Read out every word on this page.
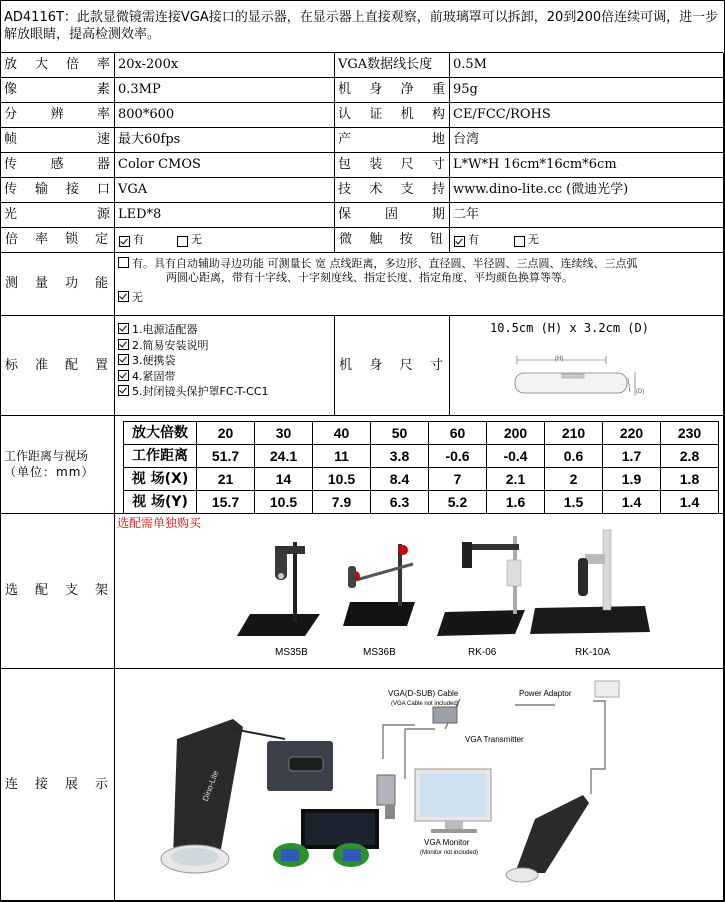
AD4116T：此款显微镜需连接VGA接口的显示器，在显示器上直接观察，前玻璃罩可以拆卸，20到200倍连续可调，进一步解放眼睛，提高检测效率。
放 大 倍 率 20x-200x	VGA数据线长度 0.5M
像	素 0.3MP	机 身 净 重 95g
分	辨	率 800*600	认 证 机 构 CE/FCC/ROHS
帧	速 最大60fps	产	地 台湾
传	感	器 Color CMOS	包 装 尺 寸 L*W*H 16cm*16cm*6cm
传 输 接 口 VGA	技 术 支 持 www.dino-lite.cc (微迪光学)
光	源 LED*8	保	固	期 二年
倍 率 锁 定 有	无	微 触 按 钮 有	无
测 量 功 能
有。具有自动辅助寻边功能 可测量长 宽 点线距离，多边形、直径圆、半径圆、三点圆、连续线、三点弧
两圆心距离，带有十字线、十字刻度线、指定长度、指定角度、平均颜色换算等等。
无
标 准 配 置
1.电源适配器
2.简易安装说明
3.便携袋
4.紧固带
5.封闭镜头保护罩FC-T-CC1
机 身 尺 寸
10.5cm (H) x 3.2cm (D)
(H)
(D)
工作距离与视场
（单位：mm）
放大倍数	20	30	40	50	60	200	210	220	230
工作距离	51.7	24.1	11	3.8	-0.6	-0.4	0.6	1.7	2.8
视 场(X)	21	14	10.5	8.4	7	2.1	2	1.9	1.8
视 场(Y)	15.7	10.5	7.9	6.3	5.2	1.6	1.5	1.4	1.4
选 配 支 架
选配需单独购买
MS35B	MS36B	RK-06	RK-10A
连 接 展 示
VGA(D-SUB) Cable
(VGA Cable not included)
Power Adaptor
VGA Transmitter
VGA Monitor
(Monitor not included)
Dino-Lite
